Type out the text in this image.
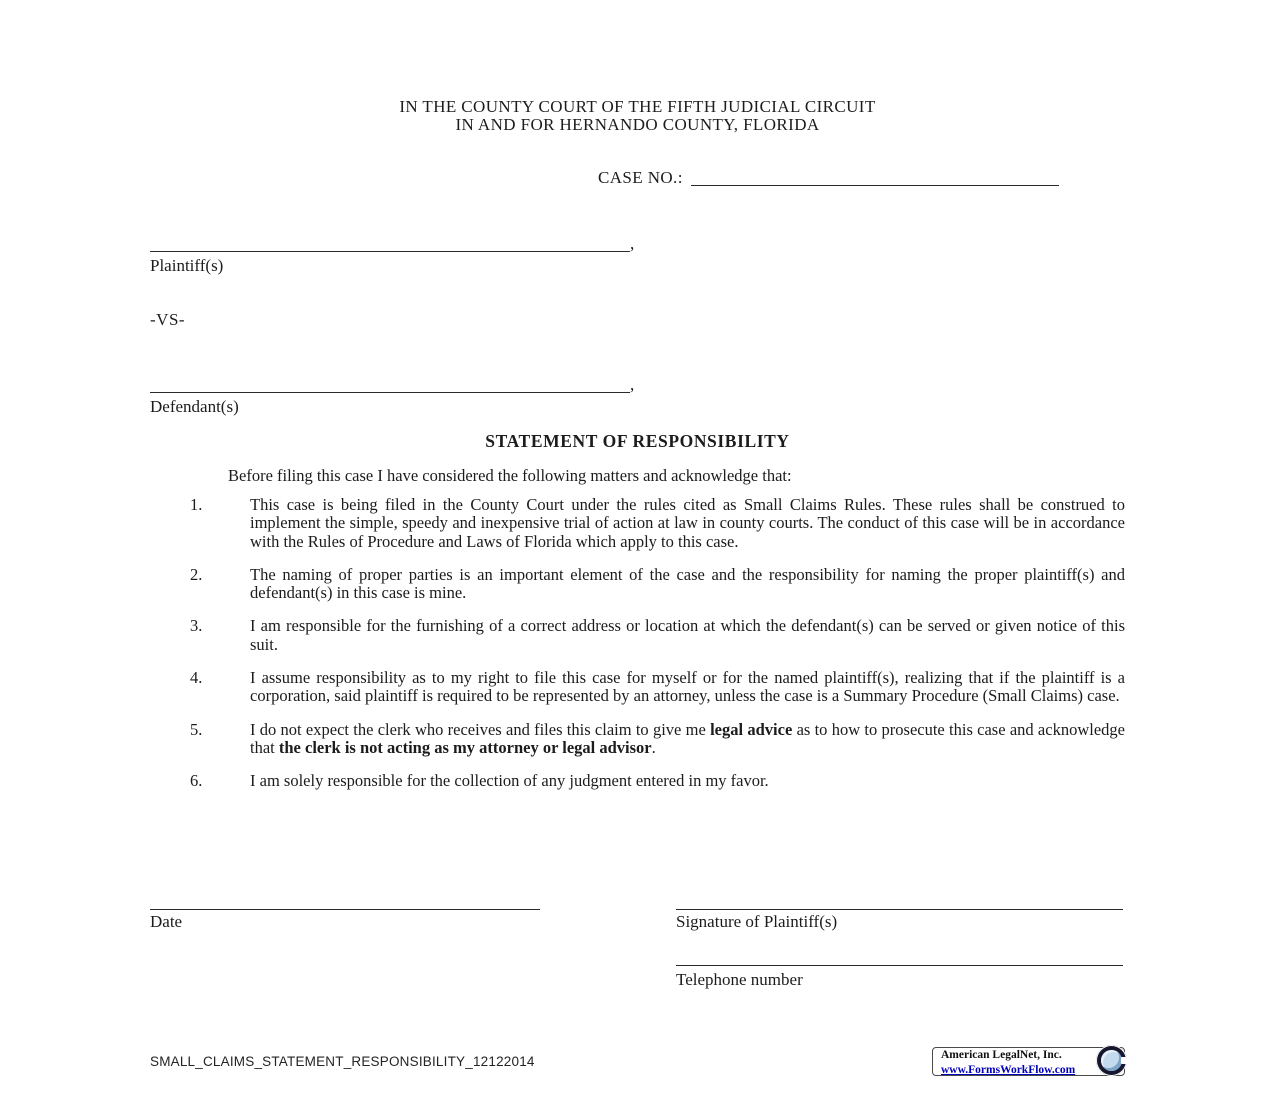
IN THE COUNTY COURT OF THE FIFTH JUDICIAL CIRCUIT
IN AND FOR HERNANDO COUNTY, FLORIDA
CASE NO.:
,
Plaintiff(s)
-VS-
,
Defendant(s)
STATEMENT OF RESPONSIBILITY

Before filing this case I have considered the following matters and acknowledge that:

1.	This case is being filed in the County Court under the rules cited as Small Claims Rules. These rules shall be construed to implement the simple, speedy and inexpensive trial of action at law in county courts. The conduct of this case will be in accordance with the Rules of Procedure and Laws of Florida which apply to this case.
2.	The naming of proper parties is an important element of the case and the responsibility for naming the proper plaintiff(s) and defendant(s) in this case is mine.
3.	I am responsible for the furnishing of a correct address or location at which the defendant(s) can be served or given notice of this suit.
4.	I assume responsibility as to my right to file this case for myself or for the named plaintiff(s), realizing that if the plaintiff is a corporation, said plaintiff is required to be represented by an attorney, unless the case is a Summary Procedure (Small Claims) case.
5.	I do not expect the clerk who receives and files this claim to give me legal advice as to how to prosecute this case and acknowledge that the clerk is not acting as my attorney or legal advisor.
6.	I am solely responsible for the collection of any judgment entered in my favor.
Date	Signature of Plaintiff(s)
Telephone number
SMALL_CLAIMS_STATEMENT_RESPONSIBILITY_12122014	American LegalNet, Inc.
www.FormsWorkFlow.com
